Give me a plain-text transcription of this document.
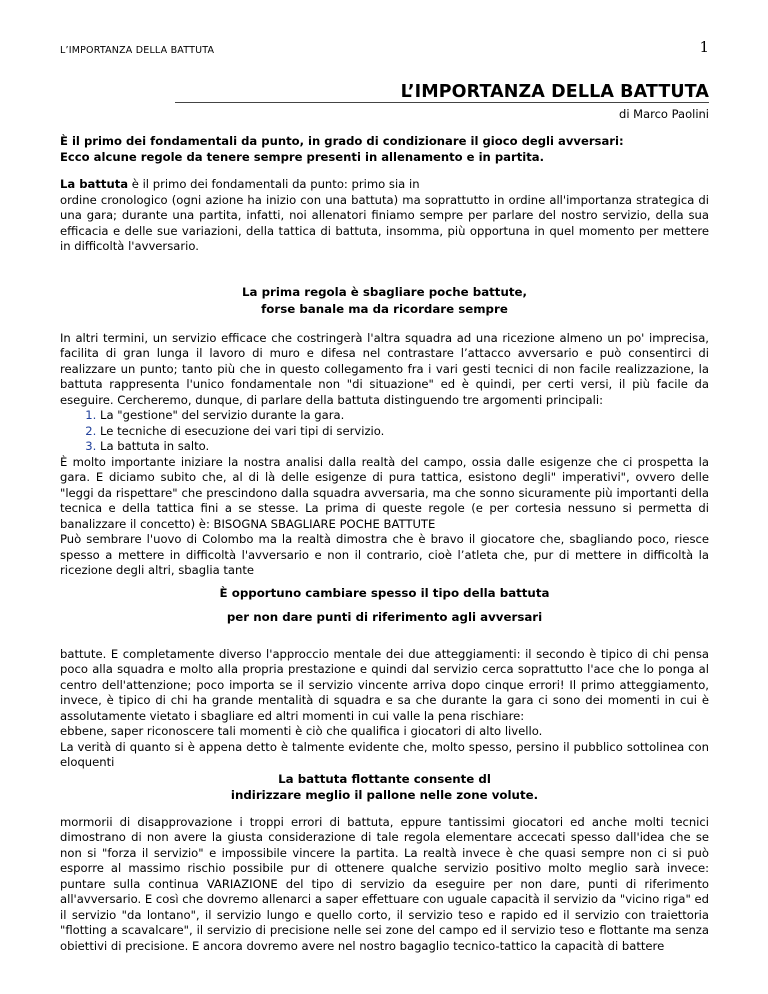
L’IMPORTANZA DELLA BATTUTA	1
L’IMPORTANZA DELLA BATTUTA
di Marco Paolini

È il primo dei fondamentali da punto, in grado di condizionare il gioco degli avversari:
Ecco alcune regole da tenere sempre presenti in allenamento e in partita.

La battuta è il primo dei fondamentali da punto: primo sia in
ordine cronologico (ogni azione ha inizio con una battuta) ma soprattutto in ordine all'importanza strategica di una gara; durante una partita, infatti, noi allenatori finiamo sempre per parlare del nostro servizio, della sua efficacia e delle sue variazioni, della tattica di battuta, insomma, più opportuna in quel momento per mettere in difficoltà l'avversario.

La prima regola è sbagliare poche battute,
forse banale ma da ricordare sempre

In altri termini, un servizio efficace che costringerà l'altra squadra ad una ricezione almeno un po' imprecisa, facilita di gran lunga il lavoro di muro e difesa nel contrastare l’attacco avversario e può consentirci di realizzare un punto; tanto più che in questo collegamento fra i vari gesti tecnici di non facile realizzazione, la battuta rappresenta l'unico fondamentale non "di situazione" ed è quindi, per certi versi, il più facile da eseguire. Cercheremo, dunque, di parlare della battuta distinguendo tre argomenti principali:

1. La "gestione" del servizio durante la gara.
2. Le tecniche di esecuzione dei vari tipi di servizio.
3. La battuta in salto.

È molto importante iniziare la nostra analisi dalla realtà del campo, ossia dalle esigenze che ci prospetta la gara. E diciamo subito che, al di là delle esigenze di pura tattica, esistono degli" imperativi", ovvero delle "leggi da rispettare" che prescindono dalla squadra avversaria, ma che sonno sicuramente più importanti della tecnica e della tattica fini a se stesse. La prima di queste regole (e per cortesia nessuno si permetta di banalizzare il concetto) è: BISOGNA SBAGLIARE POCHE BATTUTE

Può sembrare l'uovo di Colombo ma la realtà dimostra che è bravo il giocatore che, sbagliando poco, riesce spesso a mettere in difficoltà l'avversario e non il contrario, cioè l’atleta che, pur di mettere in difficoltà la ricezione degli altri, sbaglia tante

È opportuno cambiare spesso il tipo della battuta
per non dare punti di riferimento agli avversari

battute. E completamente diverso l'approccio mentale dei due atteggiamenti: il secondo è tipico di chi pensa poco alla squadra e molto alla propria prestazione e quindi dal servizio cerca soprattutto l'ace che lo ponga al centro dell'attenzione; poco importa se il servizio vincente arriva dopo cinque errori! Il primo atteggiamento, invece, è tipico di chi ha grande mentalità di squadra e sa che durante la gara ci sono dei momenti in cui è assolutamente vietato i sbagliare ed altri momenti in cui valle la pena rischiare:

ebbene, saper riconoscere tali momenti è ciò che qualifica i giocatori di alto livello.

La verità di quanto si è appena detto è talmente evidente che, molto spesso, persino il pubblico sottolinea con eloquenti

La battuta flottante consente dl
indirizzare meglio il pallone nelle zone volute.

mormorii di disapprovazione i troppi errori di battuta, eppure tantissimi giocatori ed anche molti tecnici dimostrano di non avere la giusta considerazione di tale regola elementare accecati spesso dall'idea che se non si "forza il servizio" e impossibile vincere la partita. La realtà invece è che quasi sempre non ci si può esporre al massimo rischio possibile pur di ottenere qualche servizio positivo molto meglio sarà invece: puntare sulla continua VARIAZIONE del tipo di servizio da eseguire per non dare, punti di riferimento all'avversario. E così che dovremo allenarci a saper effettuare con uguale capacità il servizio da "vicino riga" ed il servizio "da lontano", il servizio lungo e quello corto, il servizio teso e rapido ed il servizio con traiettoria "flotting a scavalcare", il servizio di precisione nelle sei zone del campo ed il servizio teso e flottante ma senza obiettivi di precisione. E ancora dovremo avere nel nostro bagaglio tecnico-tattico la capacità di battere
